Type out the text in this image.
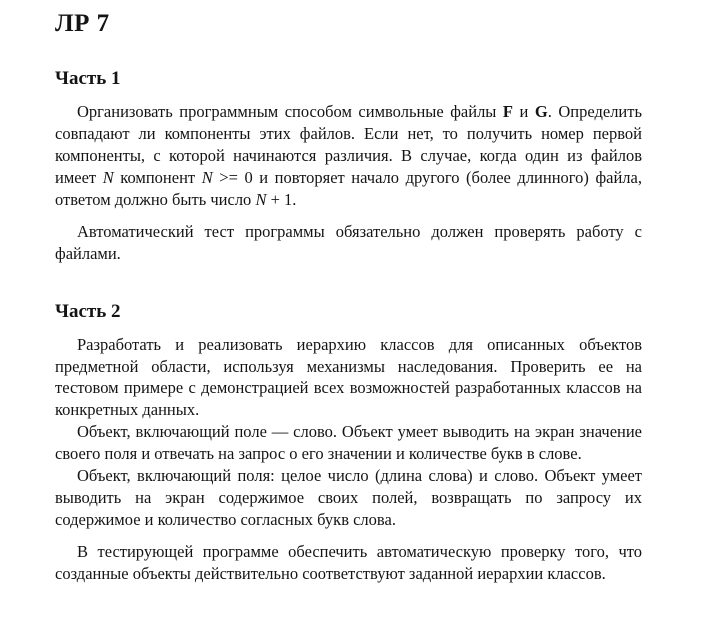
ЛР 7
Часть 1

Организовать программным способом символьные файлы F и G. Определить совпадают ли компоненты этих файлов. Если нет, то получить номер первой компоненты, с которой начинаются различия. В случае, когда один из файлов имеет N компонент N >= 0 и повторяет начало другого (более длинного) файла, ответом должно быть число N + 1.

Автоматический тест программы обязательно должен проверять работу с файлами.

Часть 2

Разработать и реализовать иерархию классов для описанных объектов предметной области, используя механизмы наследования. Проверить ее на тестовом примере с демонстрацией всех возможностей разработанных классов на конкретных данных.

Объект, включающий поле — слово. Объект умеет выводить на экран значение своего поля и отвечать на запрос о его значении и количестве букв в слове.

Объект, включающий поля: целое число (длина слова) и слово. Объект умеет выводить на экран содержимое своих полей, возвращать по запросу их содержимое и количество согласных букв слова.

В тестирующей программе обеспечить автоматическую проверку того, что созданные объекты действительно соответствуют заданной иерархии классов.
